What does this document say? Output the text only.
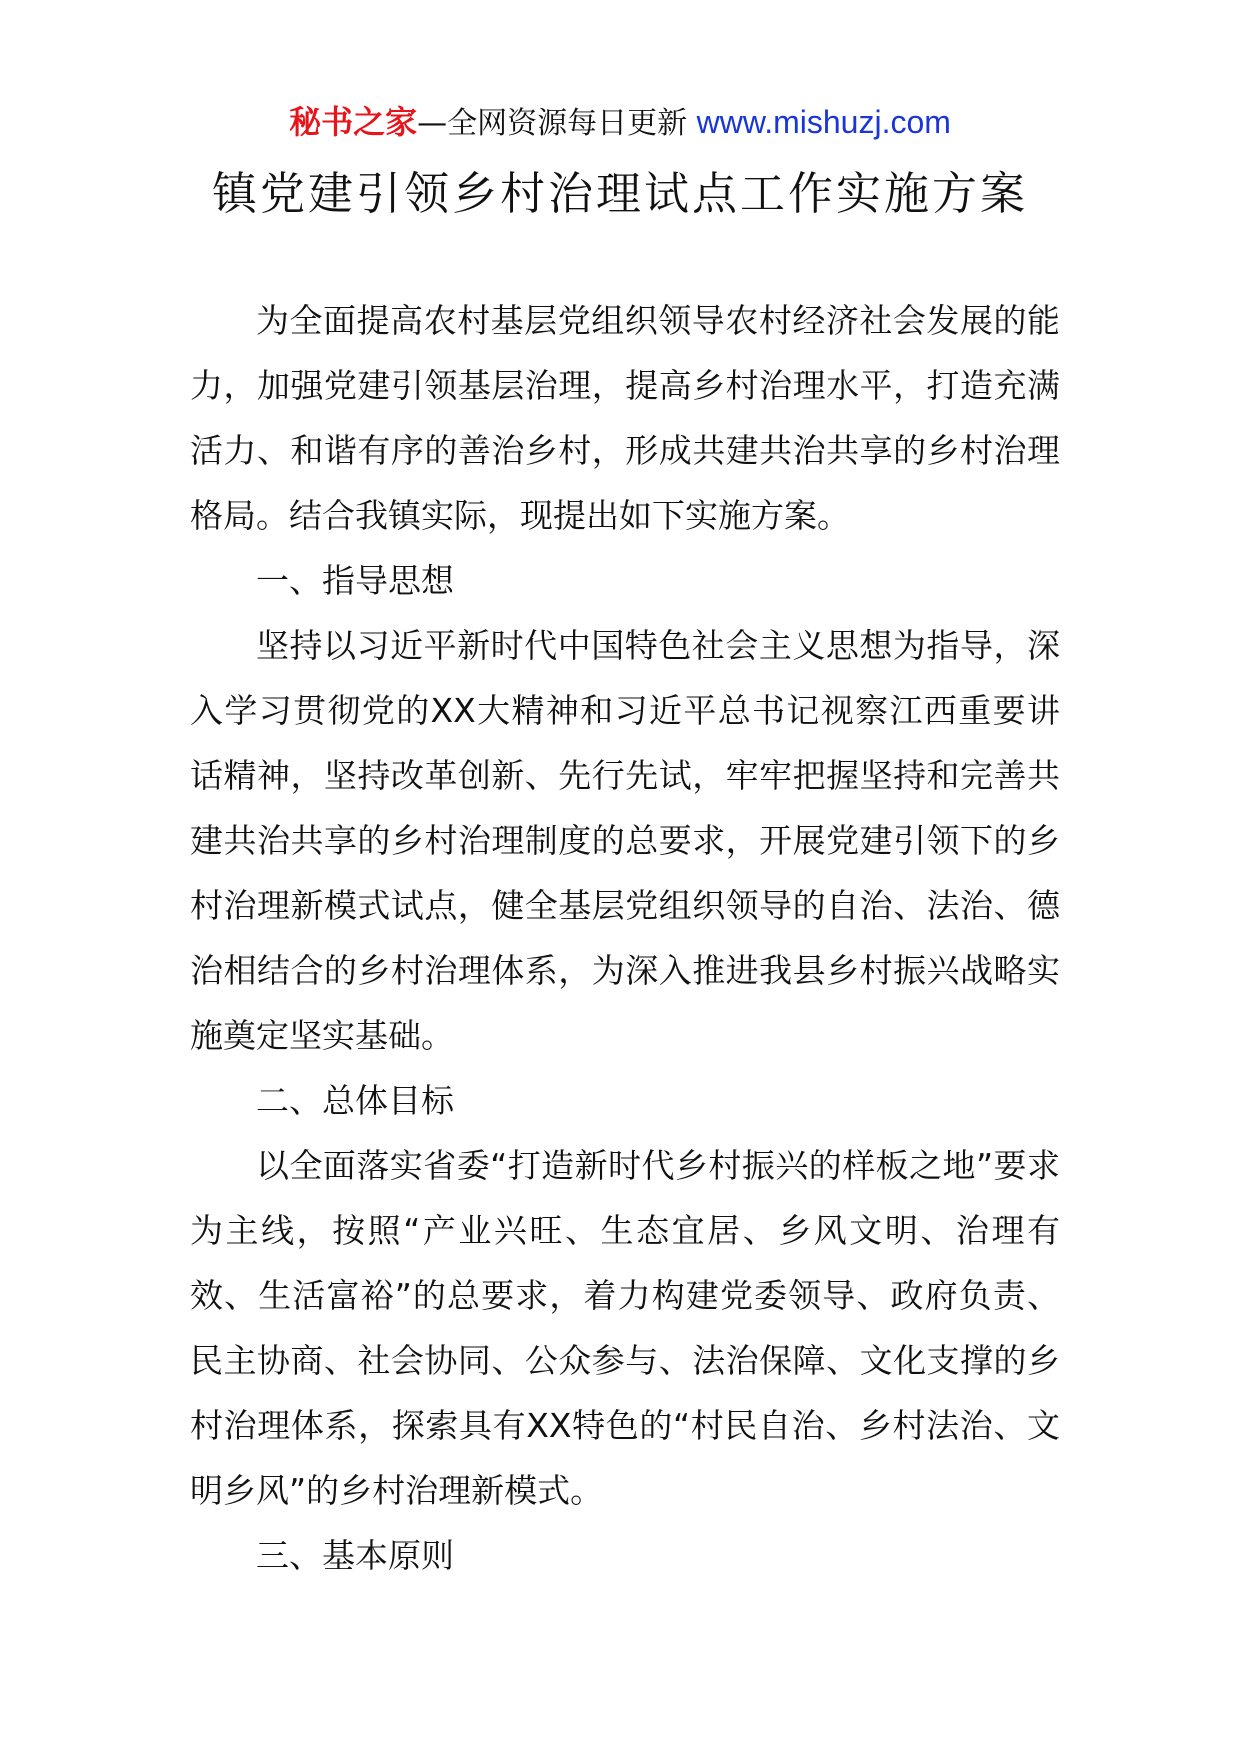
秘书之家—全网资源每日更新 www.mishuzj.com
镇党建引领乡村治理试点工作实施方案

为全面提高农村基层党组织领导农村经济社会发展的能力，加强党建引领基层治理，提高乡村治理水平，打造充满活力、和谐有序的善治乡村，形成共建共治共享的乡村治理格局。结合我镇实际，现提出如下实施方案。

一、指导思想

坚持以习近平新时代中国特色社会主义思想为指导，深入学习贯彻党的XX大精神和习近平总书记视察江西重要讲话精神，坚持改革创新、先行先试，牢牢把握坚持和完善共建共治共享的乡村治理制度的总要求，开展党建引领下的乡村治理新模式试点，健全基层党组织领导的自治、法治、德治相结合的乡村治理体系，为深入推进我县乡村振兴战略实施奠定坚实基础。

二、总体目标

以全面落实省委“打造新时代乡村振兴的样板之地”要求为主线，按照“产业兴旺、生态宜居、乡风文明、治理有效、生活富裕”的总要求，着力构建党委领导、政府负责、民主协商、社会协同、公众参与、法治保障、文化支撑的乡村治理体系，探索具有XX特色的“村民自治、乡村法治、文明乡风”的乡村治理新模式。

三、基本原则
